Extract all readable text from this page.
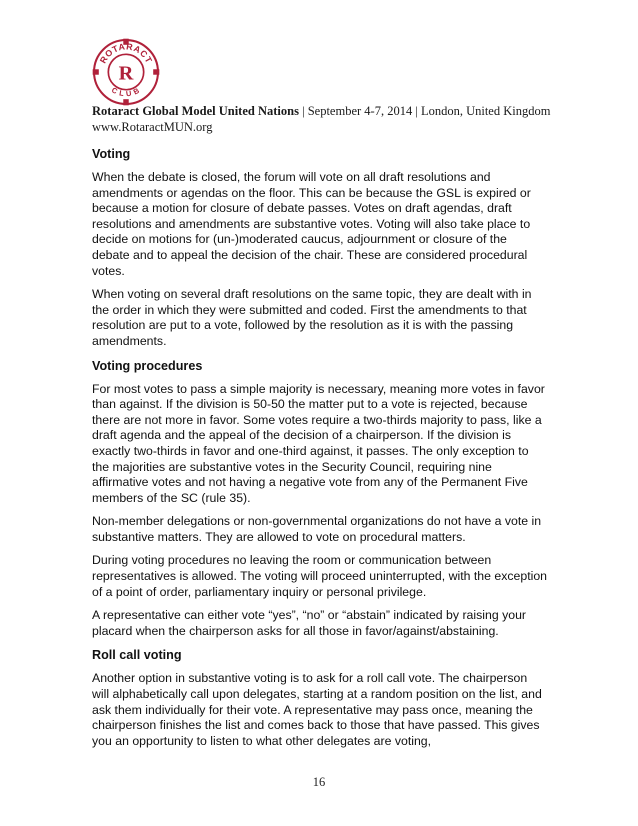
ROTARACT
CLUB
R
Rotaract Global Model United Nations | September 4-7, 2014 | London, United Kingdom www.RotaractMUN.org
Voting

When the debate is closed, the forum will vote on all draft resolutions and amendments or agendas on the floor. This can be because the GSL is expired or because a motion for closure of debate passes. Votes on draft agendas, draft resolutions and amendments are substantive votes. Voting will also take place to decide on motions for (un-)moderated caucus, adjournment or closure of the debate and to appeal the decision of the chair. These are considered procedural votes.

When voting on several draft resolutions on the same topic, they are dealt with in the order in which they were submitted and coded. First the amendments to that resolution are put to a vote, followed by the resolution as it is with the passing amendments.

Voting procedures

For most votes to pass a simple majority is necessary, meaning more votes in favor than against. If the division is 50-50 the matter put to a vote is rejected, because there are not more in favor. Some votes require a two-thirds majority to pass, like a draft agenda and the appeal of the decision of a chairperson. If the division is exactly two-thirds in favor and one-third against, it passes. The only exception to the majorities are substantive votes in the Security Council, requiring nine affirmative votes and not having a negative vote from any of the Permanent Five members of the SC (rule 35).

Non-member delegations or non-governmental organizations do not have a vote in substantive matters. They are allowed to vote on procedural matters.

During voting procedures no leaving the room or communication between representatives is allowed. The voting will proceed uninterrupted, with the exception of a point of order, parliamentary inquiry or personal privilege.

A representative can either vote “yes”, “no” or “abstain” indicated by raising your placard when the chairperson asks for all those in favor/against/abstaining.

Roll call voting

Another option in substantive voting is to ask for a roll call vote. The chairperson will alphabetically call upon delegates, starting at a random position on the list, and ask them individually for their vote. A representative may pass once, meaning the chairperson finishes the list and comes back to those that have passed. This gives you an opportunity to listen to what other delegates are voting,

16
